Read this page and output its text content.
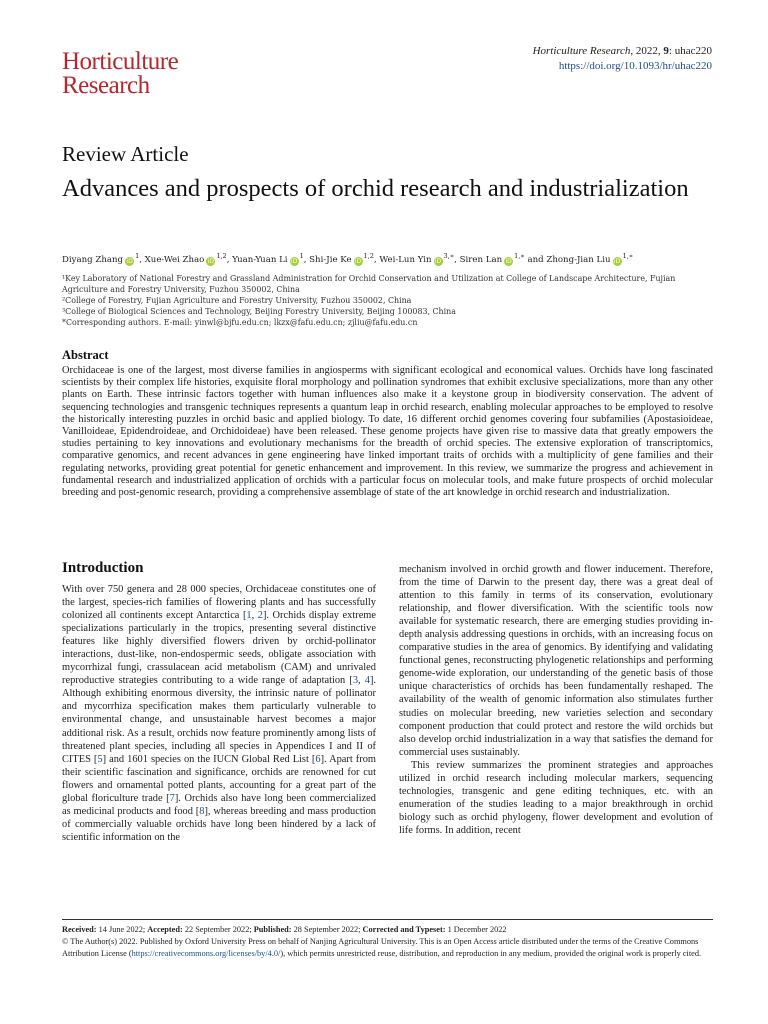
Horticulture
Research
Horticulture Research, 2022, 9: uhac220
https://doi.org/10.1093/hr/uhac220
Review Article
Advances and prospects of orchid research and industrialization
Diyang Zhang $iD^1$, Xue-Wei Zhao iD$^{1,2}$, Yuan-Yuan Li $iD^1$, Shi-Jie Ke iD$^{1,2}$, Wei-Lun Yin $iD^{3,∗}$, Siren Lan $iD^{1,∗}$ and Zhong-Jian Liu $iD^{1,∗}$

¹Key Laboratory of National Forestry and Grassland Administration for Orchid Conservation and Utilization at College of Landscape Architecture, Fujian Agriculture and Forestry University, Fuzhou 350002, China

²College of Forestry, Fujian Agriculture and Forestry University, Fuzhou 350002, China

³College of Biological Sciences and Technology, Beijing Forestry University, Beijing 100083, China

*Corresponding authors. E-mail: yinwl@bjfu.edu.cn; lkzx@fafu.edu.cn; zjliu@fafu.edu.cn

Abstract

Orchidaceae is one of the largest, most diverse families in angiosperms with significant ecological and economical values. Orchids have long fascinated scientists by their complex life histories, exquisite floral morphology and pollination syndromes that exhibit exclusive specializations, more than any other plants on Earth. These intrinsic factors together with human influences also make it a keystone group in biodiversity conservation. The advent of sequencing technologies and transgenic techniques represents a quantum leap in orchid research, enabling molecular approaches to be employed to resolve the historically interesting puzzles in orchid basic and applied biology. To date, 16 different orchid genomes covering four subfamilies (Apostasioideae, Vanilloideae, Epidendroideae, and Orchidoideae) have been released. These genome projects have given rise to massive data that greatly empowers the studies pertaining to key innovations and evolutionary mechanisms for the breadth of orchid species. The extensive exploration of transcriptomics, comparative genomics, and recent advances in gene engineering have linked important traits of orchids with a multiplicity of gene families and their regulating networks, providing great potential for genetic enhancement and improvement. In this review, we summarize the progress and achievement in fundamental research and industrialized application of orchids with a particular focus on molecular tools, and make future prospects of orchid molecular breeding and post-genomic research, providing a comprehensive assemblage of state of the art knowledge in orchid research and industrialization.

Introduction

With over 750 genera and 28 000 species, Orchidaceae constitutes one of the largest, species-rich families of flowering plants and has successfully colonized all continents except Antarctica [1, 2]. Orchids display extreme specializations particularly in the tropics, presenting several distinctive features like highly diversified flowers driven by orchid-pollinator interactions, dust-like, non-endospermic seeds, obligate association with mycorrhizal fungi, crassulacean acid metabolism (CAM) and unrivaled reproductive strategies contributing to a wide range of adaptation [3, 4]. Although exhibiting enormous diversity, the intrinsic nature of pollinator and mycorrhiza specification makes them particularly vulnerable to environmental change, and unsustainable harvest becomes a major additional risk. As a result, orchids now feature prominently among lists of threatened plant species, including all species in Appendices I and II of CITES [5] and 1601 species on the IUCN Global Red List [6]. Apart from their scientific fascination and significance, orchids are renowned for cut flowers and ornamental potted plants, accounting for a great part of the global floriculture trade [7]. Orchids also have long been commercialized as medicinal products and food [8], whereas breeding and mass production of commercially valuable orchids have long been hindered by a lack of scientific information on the

mechanism involved in orchid growth and flower inducement. Therefore, from the time of Darwin to the present day, there was a great deal of attention to this family in terms of its conservation, evolutionary relationship, and flower diversification. With the scientific tools now available for systematic research, there are emerging studies providing in-depth analysis addressing questions in orchids, with an increasing focus on comparative studies in the area of genomics. By identifying and validating functional genes, reconstructing phylogenetic relationships and performing genome-wide exploration, our understanding of the genetic basis of those unique characteristics of orchids has been fundamentally reshaped. The availability of the wealth of genomic information also stimulates further studies on molecular breeding, new varieties selection and secondary component production that could protect and restore the wild orchids but also develop orchid industrialization in a way that satisfies the demand for commercial uses sustainably.

This review summarizes the prominent strategies and approaches utilized in orchid research including molecular markers, sequencing technologies, transgenic and gene editing techniques, etc. with an enumeration of the studies leading to a major breakthrough in orchid biology such as orchid phylogeny, flower development and evolution of life forms. In addition, recent

Received: 14 June 2022; Accepted: 22 September 2022; Published: 28 September 2022; Corrected and Typeset: 1 December 2022

© The Author(s) 2022. Published by Oxford University Press on behalf of Nanjing Agricultural University. This is an Open Access article distributed under the terms of the Creative Commons Attribution License (https://creativecommons.org/licenses/by/4.0/), which permits unrestricted reuse, distribution, and reproduction in any medium, provided the original work is properly cited.
